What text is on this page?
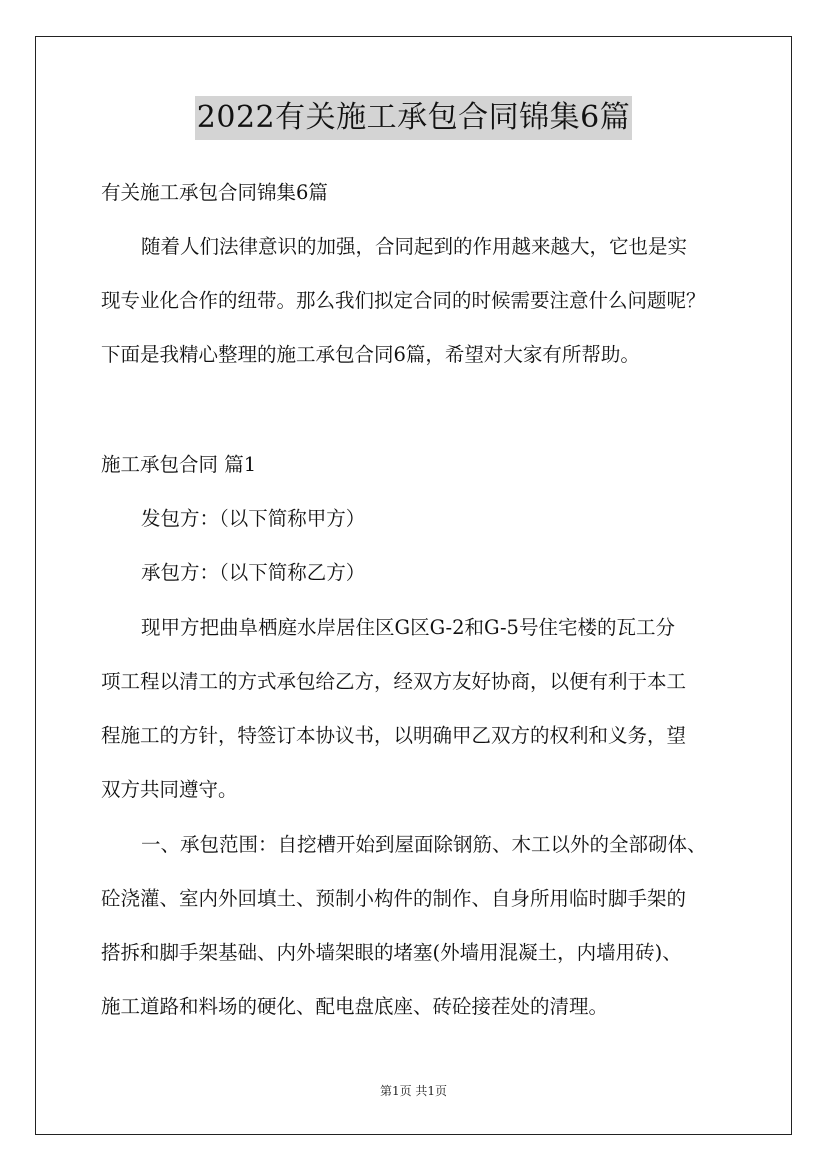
2022有关施工承包合同锦集6篇
有关施工承包合同锦集6篇
随着人们法律意识的加强，合同起到的作用越来越大，它也是实
现专业化合作的纽带。那么我们拟定合同的时候需要注意什么问题呢？
下面是我精心整理的施工承包合同6篇，希望对大家有所帮助。
施工承包合同 篇1
发包方：（以下简称甲方）
承包方：（以下简称乙方）
现甲方把曲阜栖庭水岸居住区G区G-2和G-5号住宅楼的瓦工分
项工程以清工的方式承包给乙方，经双方友好协商，以便有利于本工
程施工的方针，特签订本协议书，以明确甲乙双方的权利和义务，望
双方共同遵守。
一、承包范围：自挖槽开始到屋面除钢筋、木工以外的全部砌体、
砼浇灌、室内外回填土、预制小构件的制作、自身所用临时脚手架的
搭拆和脚手架基础、内外墙架眼的堵塞(外墙用混凝土，内墙用砖)、
施工道路和料场的硬化、配电盘底座、砖砼接茬处的清理。
第1页 共1页
